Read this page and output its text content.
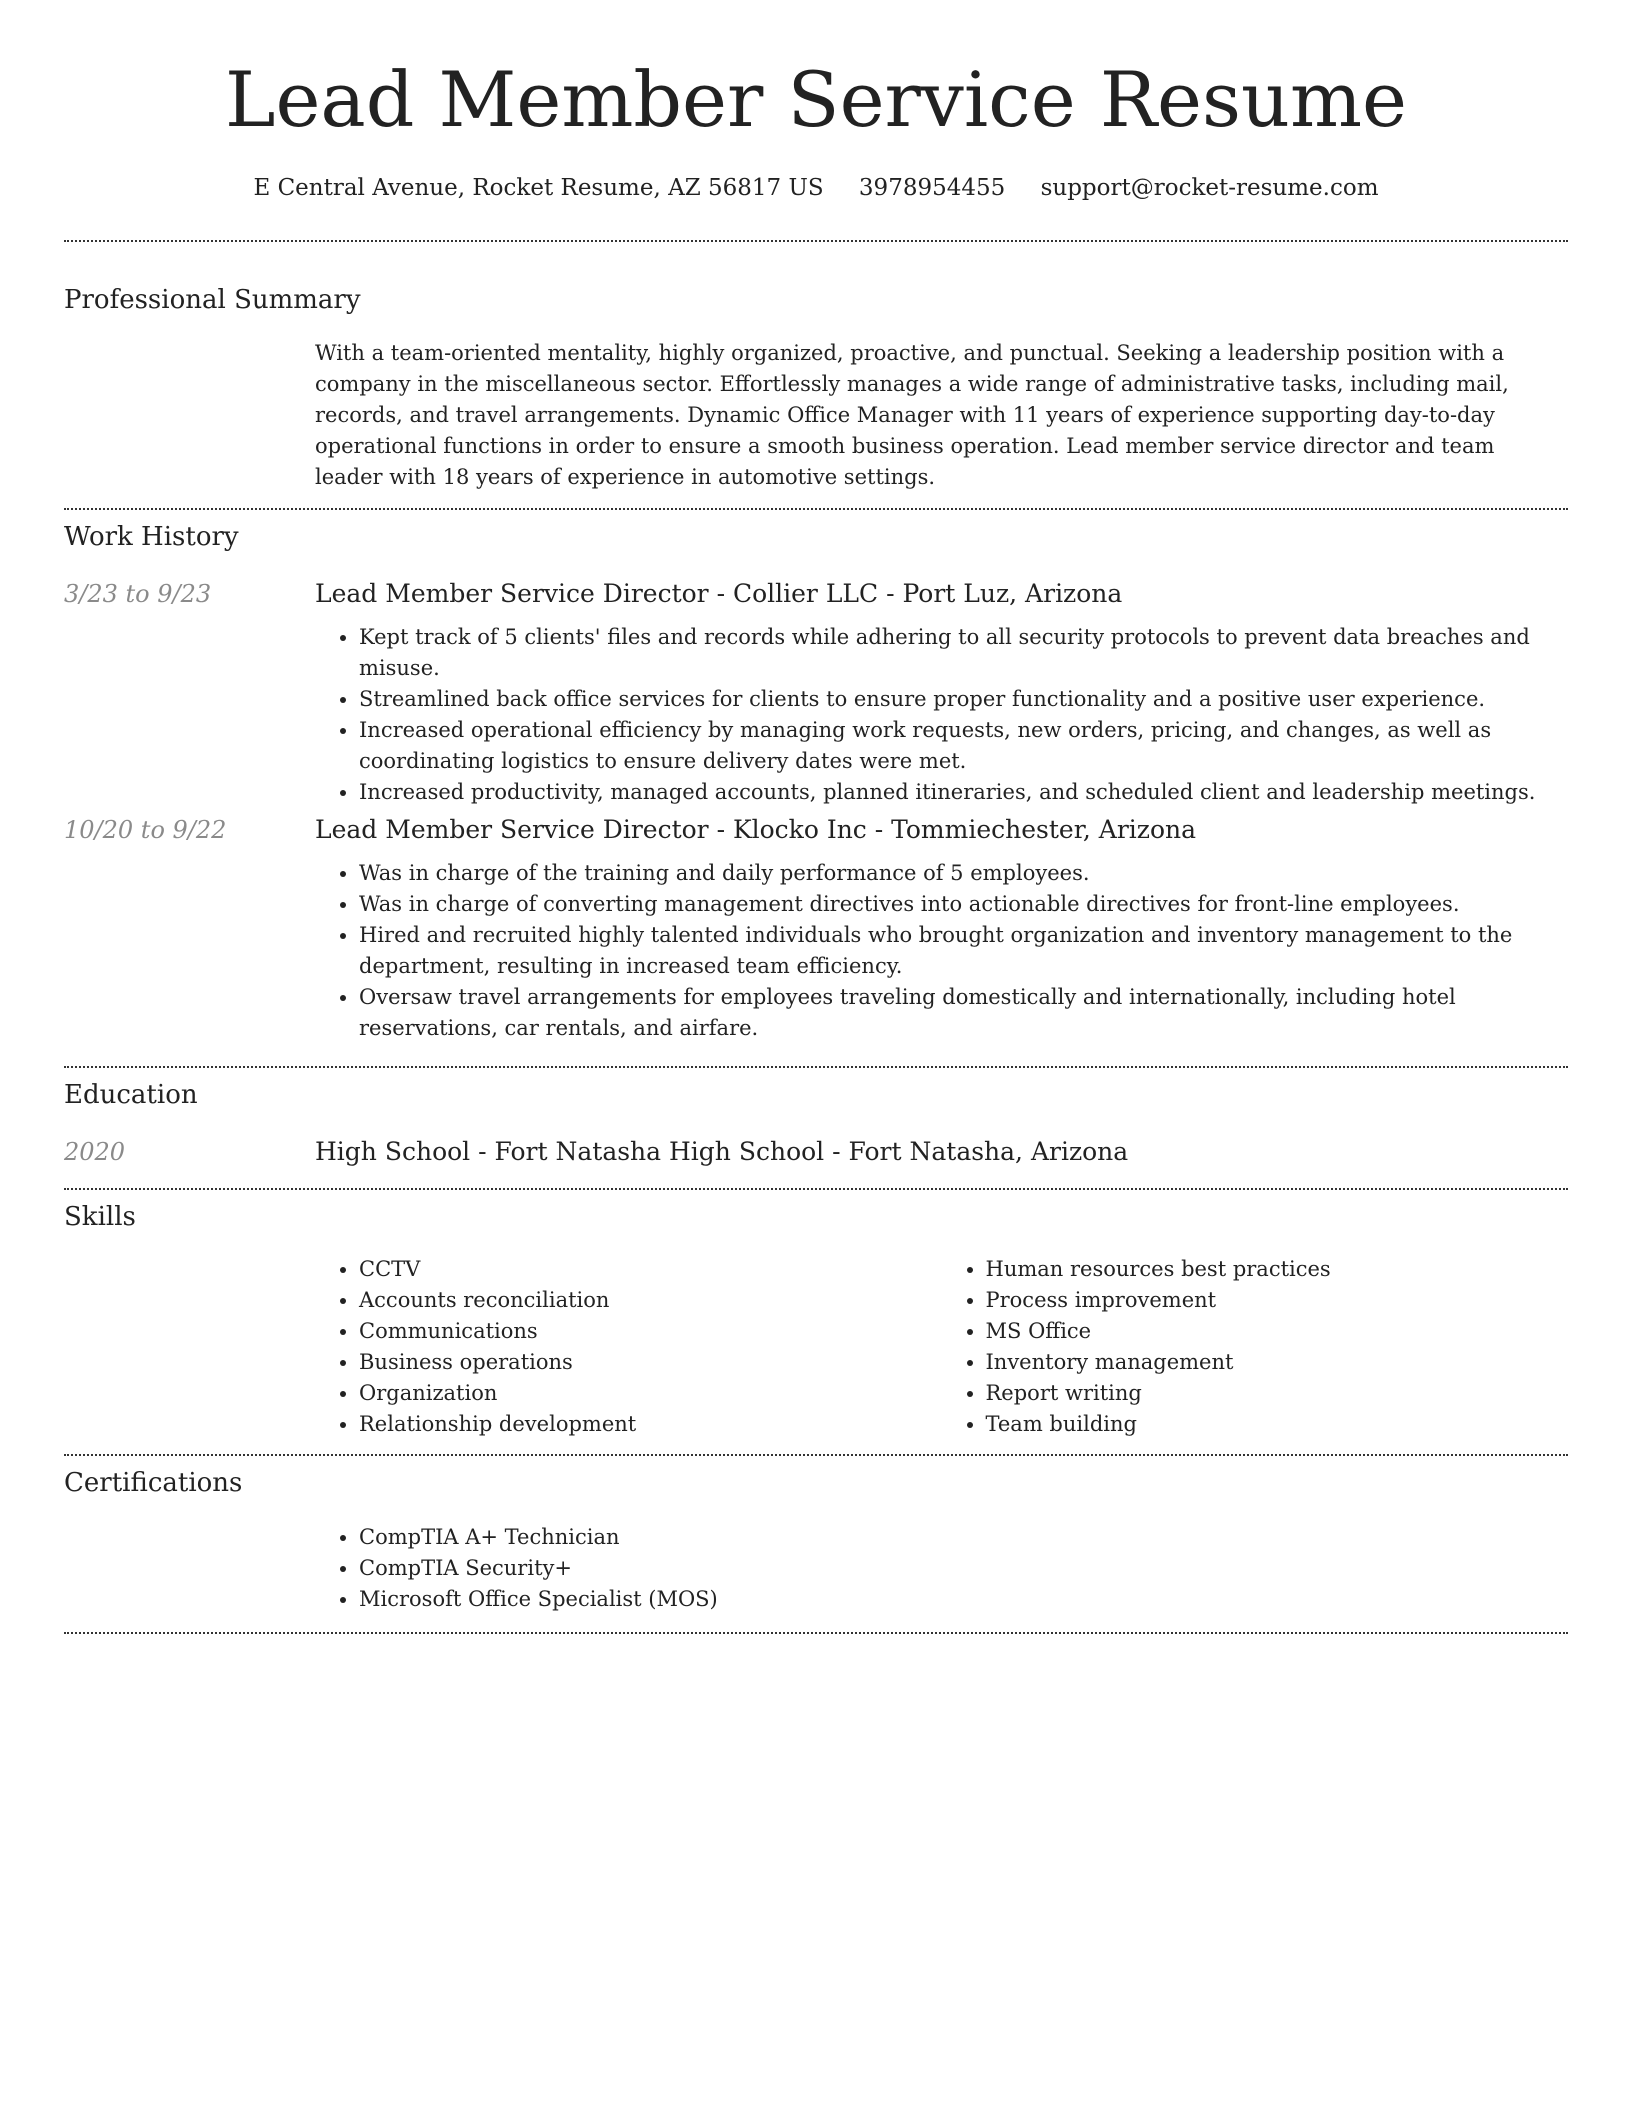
Lead Member Service Resume
E Central Avenue, Rocket Resume, AZ 56817 US 3978954455 support@rocket-resume.com
Professional Summary

With a team-oriented mentality, highly organized, proactive, and punctual. Seeking a leadership position with a company in the miscellaneous sector. Effortlessly manages a wide range of administrative tasks, including mail, records, and travel arrangements. Dynamic Office Manager with 11 years of experience supporting day-to-day operational functions in order to ensure a smooth business operation. Lead member service director and team leader with 18 years of experience in automotive settings.

Work History
3/23 to 9/23	Lead Member Service Director - Collier LLC - Port Luz, Arizona
• Kept track of 5 clients' files and records while adhering to all security protocols to prevent data breaches and misuse.
• Streamlined back office services for clients to ensure proper functionality and a positive user experience.
• Increased operational efficiency by managing work requests, new orders, pricing, and changes, as well as coordinating logistics to ensure delivery dates were met.
• Increased productivity, managed accounts, planned itineraries, and scheduled client and leadership meetings.
10/20 to 9/22	Lead Member Service Director - Klocko Inc - Tommiechester, Arizona
• Was in charge of the training and daily performance of 5 employees.
• Was in charge of converting management directives into actionable directives for front-line employees.
• Hired and recruited highly talented individuals who brought organization and inventory management to the department, resulting in increased team efficiency.
• Oversaw travel arrangements for employees traveling domestically and internationally, including hotel reservations, car rentals, and airfare.
Education
2020	High School - Fort Natasha High School - Fort Natasha, Arizona
Skills
• CCTV
• Accounts reconciliation
• Communications
• Business operations
• Organization
• Relationship development
• Human resources best practices
• Process improvement
• MS Office
• Inventory management
• Report writing
• Team building
Certifications
• CompTIA A+ Technician
• CompTIA Security+
• Microsoft Office Specialist (MOS)
